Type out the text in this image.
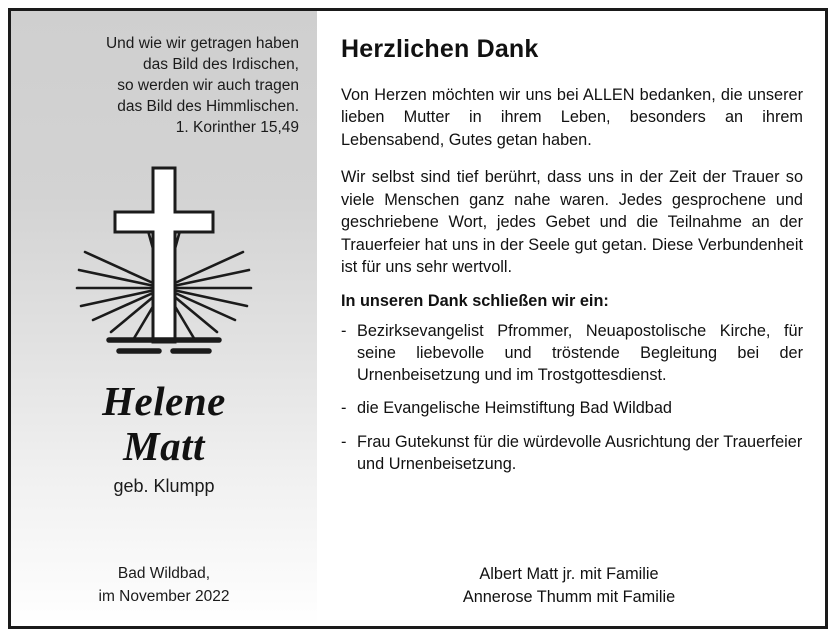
Und wie wir getragen haben
das Bild des Irdischen,
so werden wir auch tragen
das Bild des Himmlischen.
1. Korinther 15,49
Helene
Matt
geb. Klumpp
Bad Wildbad,
im November 2022
Herzlichen Dank

Von Herzen möchten wir uns bei ALLEN bedanken, die unserer lieben Mutter in ihrem Leben, besonders an ihrem Lebensabend, Gutes getan haben.

Wir selbst sind tief berührt, dass uns in der Zeit der Trauer so viele Menschen ganz nahe waren. Jedes gesprochene und geschriebene Wort, jedes Gebet und die Teilnahme an der Trauerfeier hat uns in der Seele gut getan. Diese Verbundenheit ist für uns sehr wertvoll.

In unseren Dank schließen wir ein:
- Bezirksevangelist Pfrommer, Neuapostolische Kirche, für seine liebevolle und tröstende Begleitung bei der Urnenbeisetzung und im Trostgottesdienst.
- die Evangelische Heimstiftung Bad Wildbad
- Frau Gutekunst für die würdevolle Ausrichtung der Trauerfeier und Urnenbeisetzung.
Albert Matt jr. mit Familie
Annerose Thumm mit Familie
